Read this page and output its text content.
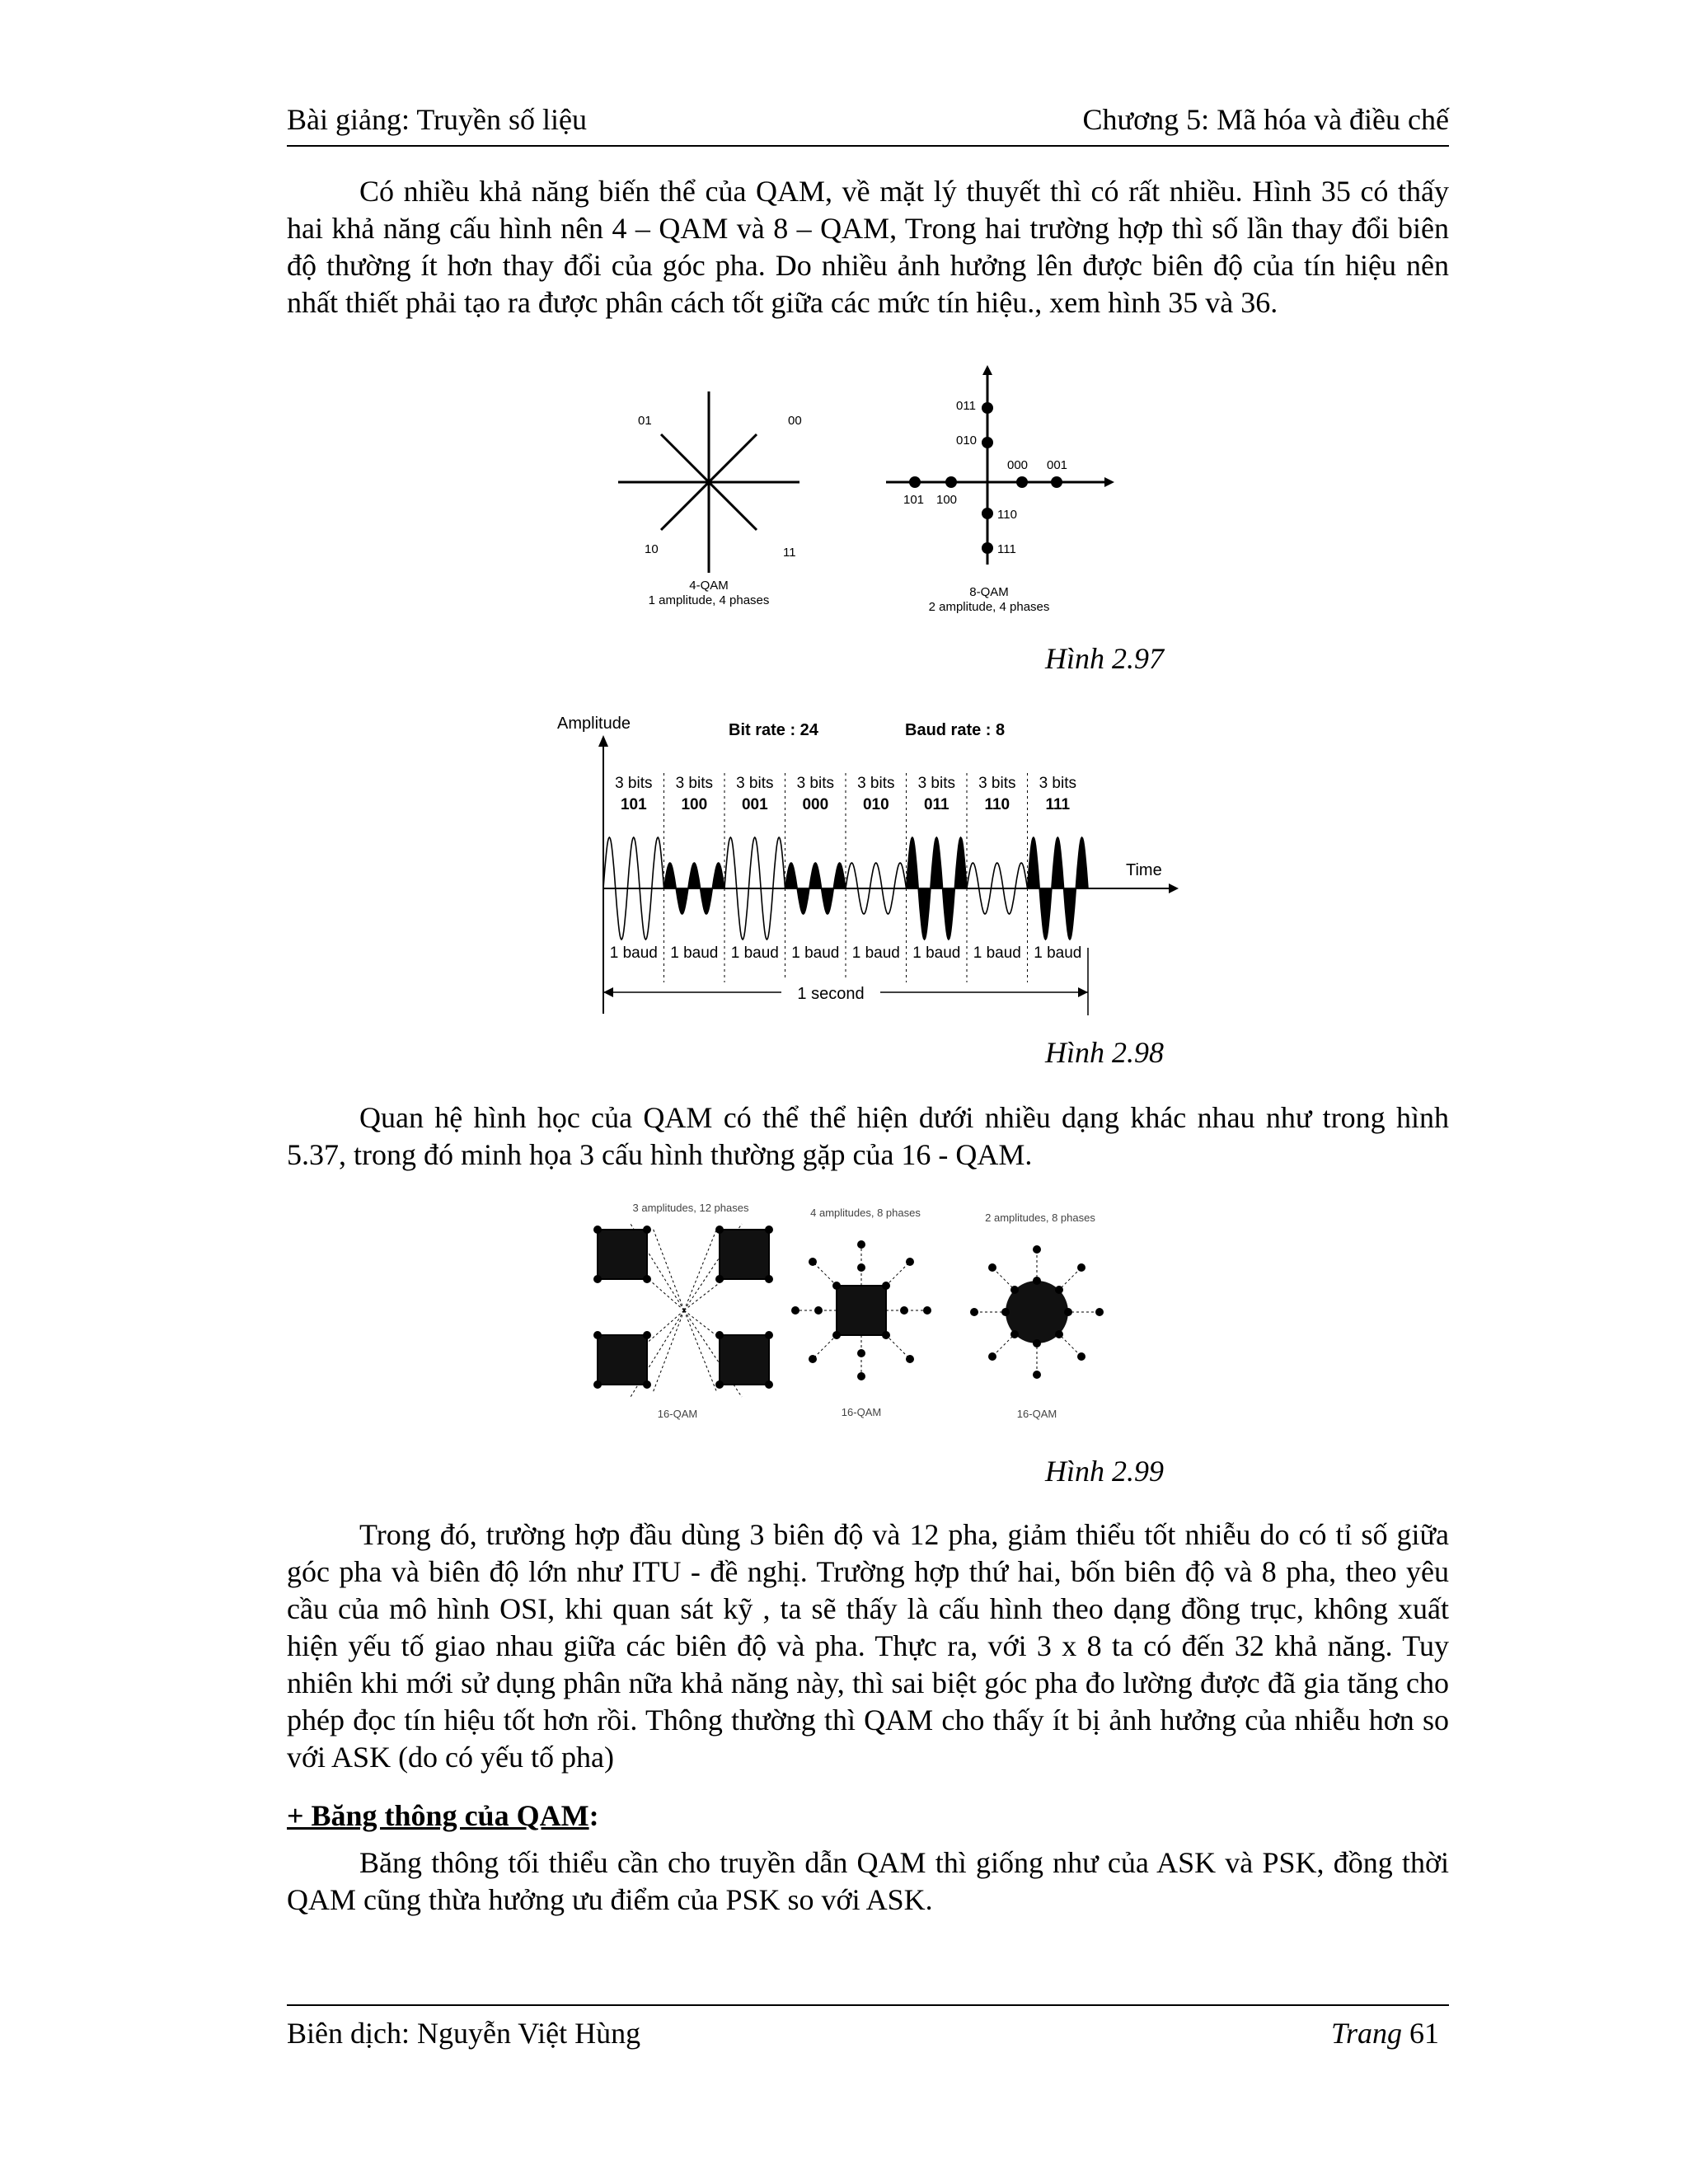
Bài giảng: Truyền số liệu	Chương 5: Mã hóa và điều chế

Có nhiều khả năng biến thể của QAM, về mặt lý thuyết thì có rất nhiều. Hình 35 có thấy hai khả năng cấu hình nên 4 – QAM và 8 – QAM, Trong hai trường hợp thì số lần thay đổi biên độ thường ít hơn thay đổi của góc pha. Do nhiều ảnh hưởng lên được biên độ của tín hiệu nên nhất thiết phải tạo ra được phân cách tốt giữa các mức tín hiệu., xem hình 35 và 36.

01	00
10	11
4-QAM
1 amplitude, 4 phases
011
010
000 001
101 100
110
111
8-QAM
2 amplitude, 4 phases
Hình 2.97
Amplitude	Bit rate : 24	Baud rate : 8
Time
3 bits
101
1 baud
3 bits
100
1 baud
3 bits
001
1 baud
3 bits
000
1 baud
3 bits
010
1 baud
3 bits
011
1 baud
3 bits
110
1 baud
3 bits
111
1 baud
1 second
Hình 2.98

Quan hệ hình học của QAM có thể thể hiện dưới nhiều dạng khác nhau như trong hình 5.37, trong đó minh họa 3 cấu hình thường gặp của 16 - QAM.

3 amplitudes, 12 phases
16-QAM
4 amplitudes, 8 phases
16-QAM
2 amplitudes, 8 phases
16-QAM
Hình 2.99

Trong đó, trường hợp đầu dùng 3 biên độ và 12 pha, giảm thiểu tốt nhiễu do có tỉ số giữa góc pha và biên độ lớn như ITU - đề nghị. Trường hợp thứ hai, bốn biên độ và 8 pha, theo yêu cầu của mô hình OSI, khi quan sát kỹ , ta sẽ thấy là cấu hình theo dạng đồng trục, không xuất hiện yếu tố giao nhau giữa các biên độ và pha. Thực ra, với 3 x 8 ta có đến 32 khả năng. Tuy nhiên khi mới sử dụng phân nữa khả năng này, thì sai biệt góc pha đo lường được đã gia tăng cho phép đọc tín hiệu tốt hơn rồi. Thông thường thì QAM cho thấy ít bị ảnh hưởng của nhiễu hơn so với ASK (do có yếu tố pha)

+ Băng thông của QAM:

Băng thông tối thiểu cần cho truyền dẫn QAM thì giống như của ASK và PSK, đồng thời QAM cũng thừa hưởng ưu điểm của PSK so với ASK.

Biên dịch: Nguyễn Việt Hùng	Trang 61
